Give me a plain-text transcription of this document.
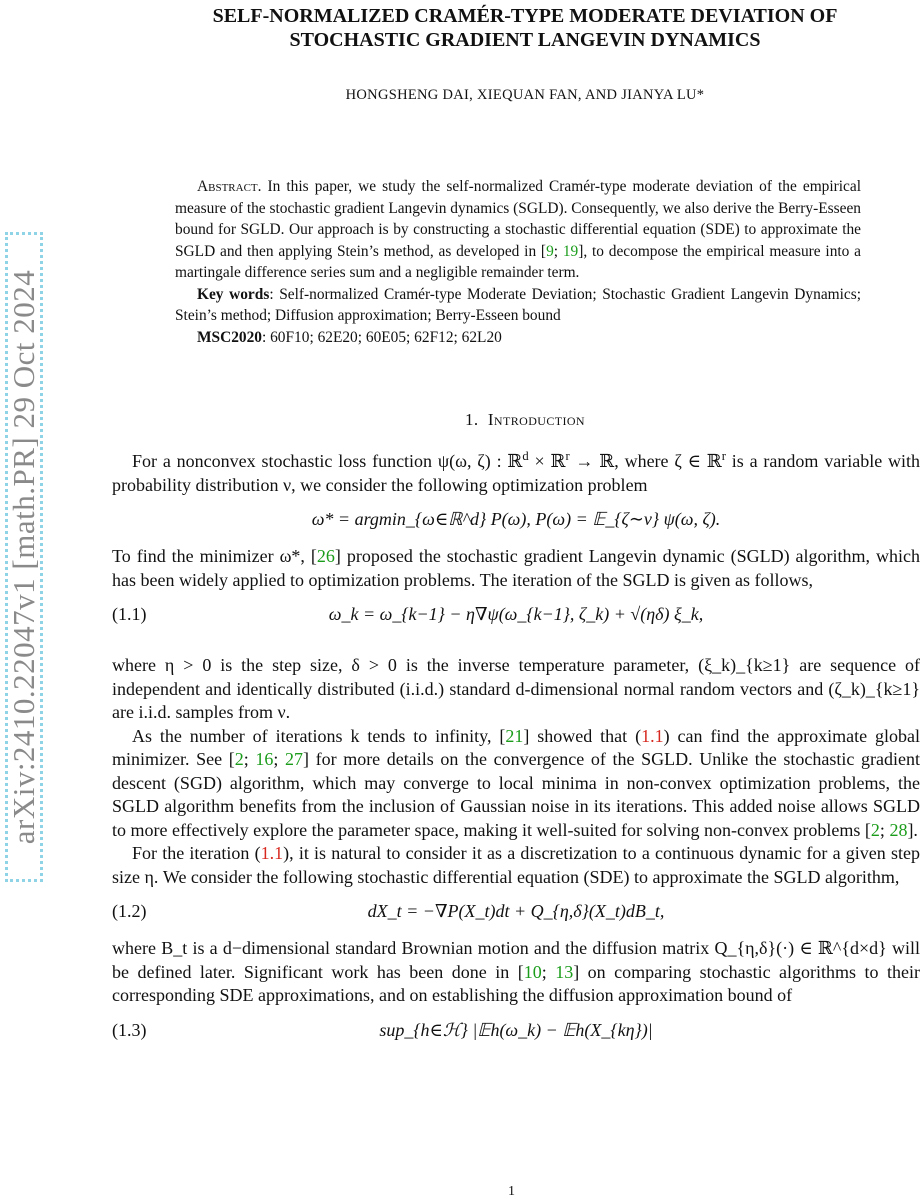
arXiv:2410.22047v1 [math.PR] 29 Oct 2024
SELF-NORMALIZED CRAMÉR-TYPE MODERATE DEVIATION OF
STOCHASTIC GRADIENT LANGEVIN DYNAMICS
HONGSHENG DAI, XIEQUAN FAN, AND JIANYA LU*

Abstract. In this paper, we study the self-normalized Cramér-type moderate deviation of the empirical measure of the stochastic gradient Langevin dynamics (SGLD). Consequently, we also derive the Berry-Esseen bound for SGLD. Our approach is by constructing a stochastic differential equation (SDE) to approximate the SGLD and then applying Stein’s method, as developed in [9; 19], to decompose the empirical measure into a martingale difference series sum and a negligible remainder term.

Key words: Self-normalized Cramér-type Moderate Deviation; Stochastic Gradient Langevin Dynamics; Stein’s method; Diffusion approximation; Berry-Esseen bound

MSC2020: 60F10; 62E20; 60E05; 62F12; 62L20

1. Introduction

For a nonconvex stochastic loss function ψ(ω, ζ) : ℝ$^d$ × ℝ$^r$ → ℝ, where ζ ∈ ℝ$^r$ is a random variable with probability distribution ν, we consider the following optimization problem

ω* = argmin_{ω∈ℝ^d} P(ω), P(ω) = 𝔼_{ζ∼ν} ψ(ω, ζ).

To find the minimizer ω*, [26] proposed the stochastic gradient Langevin dynamic (SGLD) algorithm, which has been widely applied to optimization problems. The iteration of the SGLD is given as follows,

(1.1)	ω_k = ω_{k−1} − η∇ψ(ω_{k−1}, ζ_k) + √(ηδ) ξ_k,

where η > 0 is the step size, δ > 0 is the inverse temperature parameter, (ξ_k)_{k≥1} are sequence of independent and identically distributed (i.i.d.) standard d-dimensional normal random vectors and (ζ_k)_{k≥1} are i.i.d. samples from ν.

As the number of iterations k tends to infinity, [21] showed that (1.1) can find the approximate global minimizer. See [2; 16; 27] for more details on the convergence of the SGLD. Unlike the stochastic gradient descent (SGD) algorithm, which may converge to local minima in non-convex optimization problems, the SGLD algorithm benefits from the inclusion of Gaussian noise in its iterations. This added noise allows SGLD to more effectively explore the parameter space, making it well-suited for solving non-convex problems [2; 28].

For the iteration (1.1), it is natural to consider it as a discretization to a continuous dynamic for a given step size η. We consider the following stochastic differential equation (SDE) to approximate the SGLD algorithm,

(1.2)	dX_t = −∇P(X_t)dt + Q_{η,δ}(X_t)dB_t,

where B_t is a d−dimensional standard Brownian motion and the diffusion matrix Q_{η,δ}(·) ∈ ℝ^{d×d} will be defined later. Significant work has been done in [10; 13] on comparing stochastic algorithms to their corresponding SDE approximations, and on establishing the diffusion approximation bound of

(1.3)	sup_{h∈ℋ} |𝔼h(ω_k) − 𝔼h(X_{kη})|
1
